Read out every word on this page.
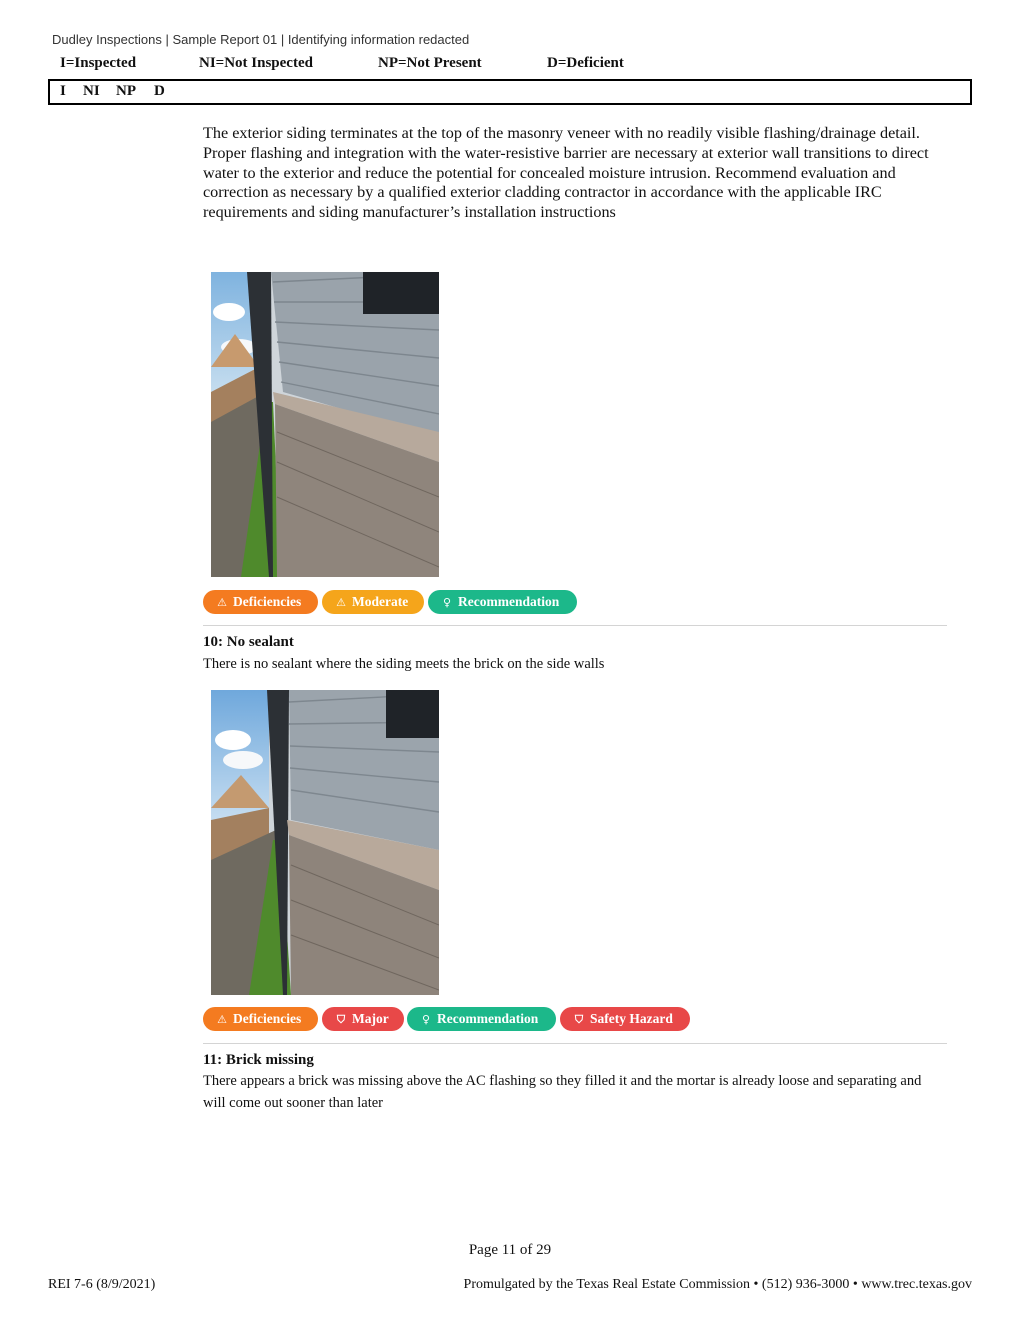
Dudley Inspections | Sample Report 01 | Identifying information redacted
I=Inspected	NI=Not Inspected	NP=Not Present	D=Deficient
I NI NP D
The exterior siding terminates at the top of the masonry veneer with no readily visible flashing/drainage detail. Proper flashing and integration with the water-resistive barrier are necessary at exterior wall transitions to direct water to the exterior and reduce the potential for concealed moisture intrusion. Recommend evaluation and correction as necessary by a qualified exterior cladding contractor in accordance with the applicable IRC requirements and siding manufacturer’s installation instructions
⚠ Deficiencies	⚠ Moderate	♀ Recommendation
10: No sealant
There is no sealant where the siding meets the brick on the side walls
⚠ Deficiencies	⛉ Major	♀ Recommendation	⛉ Safety Hazard
11: Brick missing
There appears a brick was missing above the AC flashing so they filled it and the mortar is already loose and separating and will come out sooner than later
Page 11 of 29
REI 7-6 (8/9/2021)	Promulgated by the Texas Real Estate Commission • (512) 936-3000 • www.trec.texas.gov
